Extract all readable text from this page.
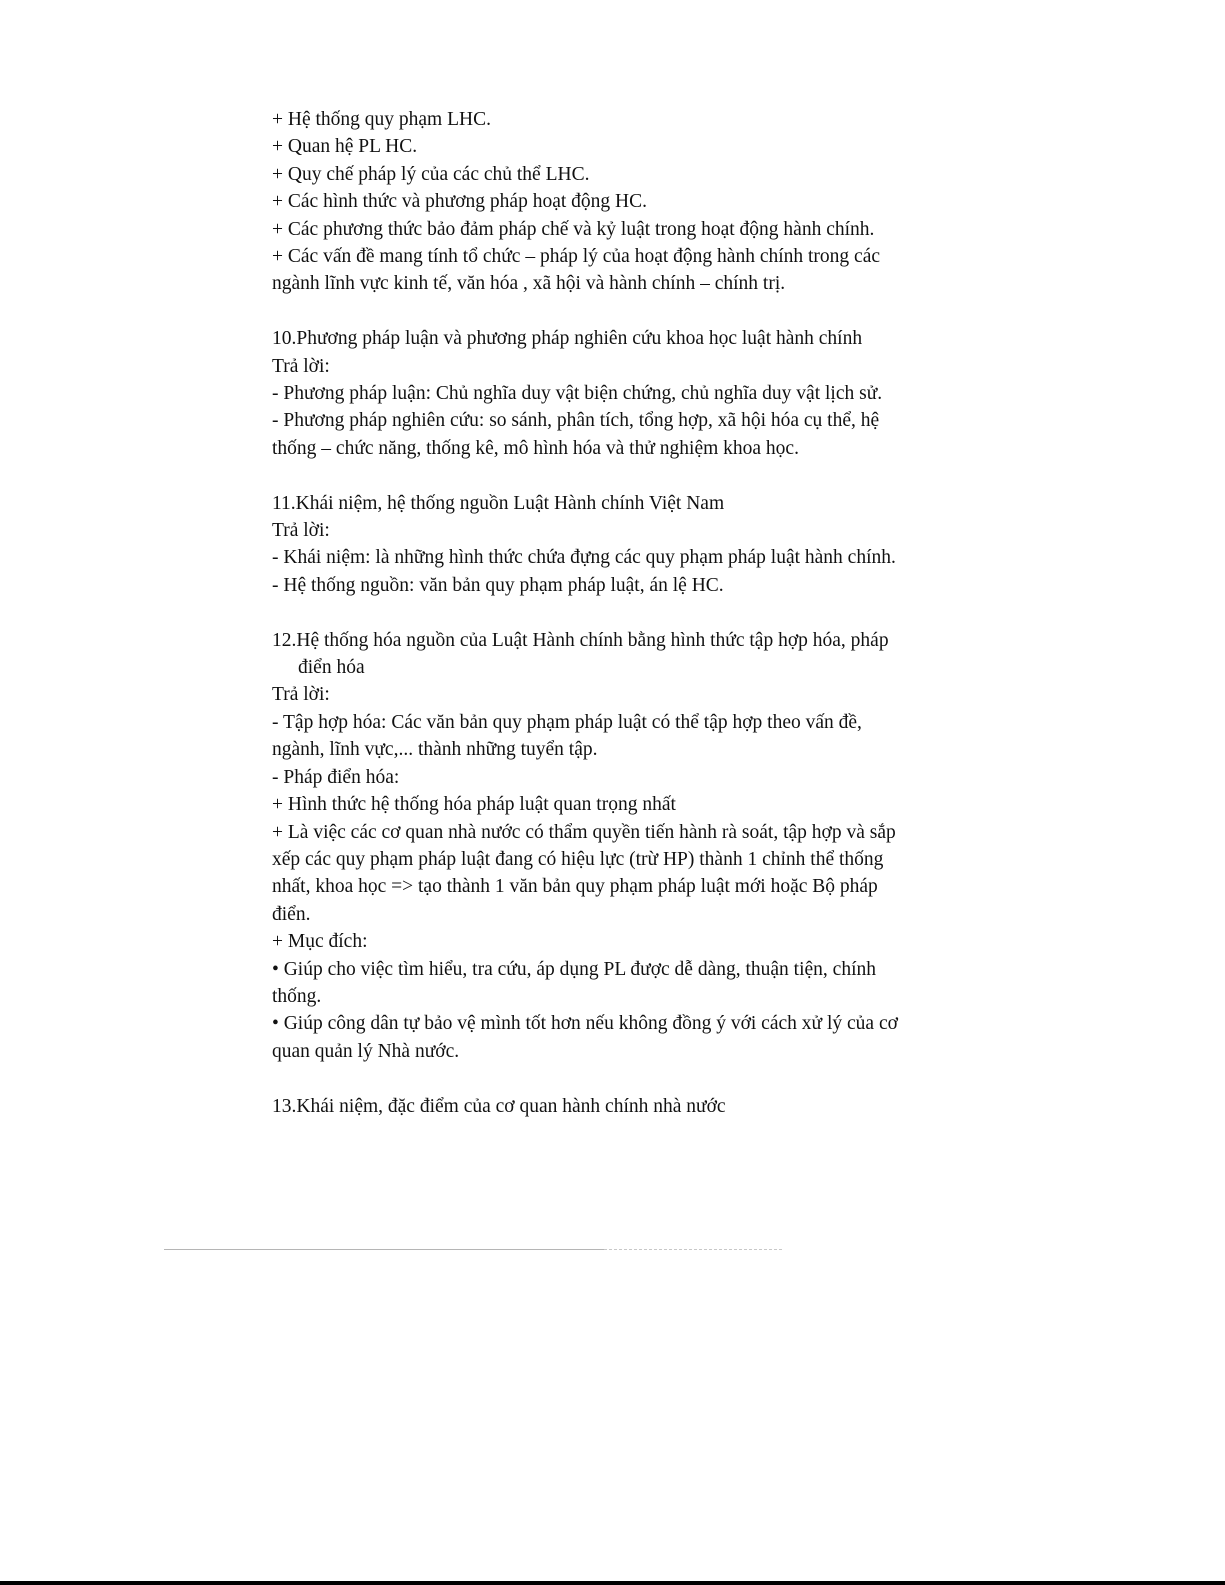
+ Hệ thống quy phạm LHC.
+ Quan hệ PL HC.
+ Quy chế pháp lý của các chủ thể LHC.
+ Các hình thức và phương pháp hoạt động HC.
+ Các phương thức bảo đảm pháp chế và kỷ luật trong hoạt động hành chính.
+ Các vấn đề mang tính tổ chức – pháp lý của hoạt động hành chính trong các
ngành lĩnh vực kinh tế, văn hóa , xã hội và hành chính – chính trị.
10.Phương pháp luận và phương pháp nghiên cứu khoa học luật hành chính
Trả lời:
- Phương pháp luận: Chủ nghĩa duy vật biện chứng, chủ nghĩa duy vật lịch sử.
- Phương pháp nghiên cứu: so sánh, phân tích, tổng hợp, xã hội hóa cụ thể, hệ
thống – chức năng, thống kê, mô hình hóa và thử nghiệm khoa học.
11.Khái niệm, hệ thống nguồn Luật Hành chính Việt Nam
Trả lời:
- Khái niệm: là những hình thức chứa đựng các quy phạm pháp luật hành chính.
- Hệ thống nguồn: văn bản quy phạm pháp luật, án lệ HC.
12.Hệ thống hóa nguồn của Luật Hành chính bằng hình thức tập hợp hóa, pháp
điển hóa
Trả lời:
- Tập hợp hóa: Các văn bản quy phạm pháp luật có thể tập hợp theo vấn đề,
ngành, lĩnh vực,... thành những tuyển tập.
- Pháp điển hóa:
+ Hình thức hệ thống hóa pháp luật quan trọng nhất
+ Là việc các cơ quan nhà nước có thẩm quyền tiến hành rà soát, tập hợp và sắp
xếp các quy phạm pháp luật đang có hiệu lực (trừ HP) thành 1 chỉnh thể thống
nhất, khoa học => tạo thành 1 văn bản quy phạm pháp luật mới hoặc Bộ pháp
điển.
+ Mục đích:
• Giúp cho việc tìm hiểu, tra cứu, áp dụng PL được dễ dàng, thuận tiện, chính
thống.
• Giúp công dân tự bảo vệ mình tốt hơn nếu không đồng ý với cách xử lý của cơ
quan quản lý Nhà nước.
13.Khái niệm, đặc điểm của cơ quan hành chính nhà nước
